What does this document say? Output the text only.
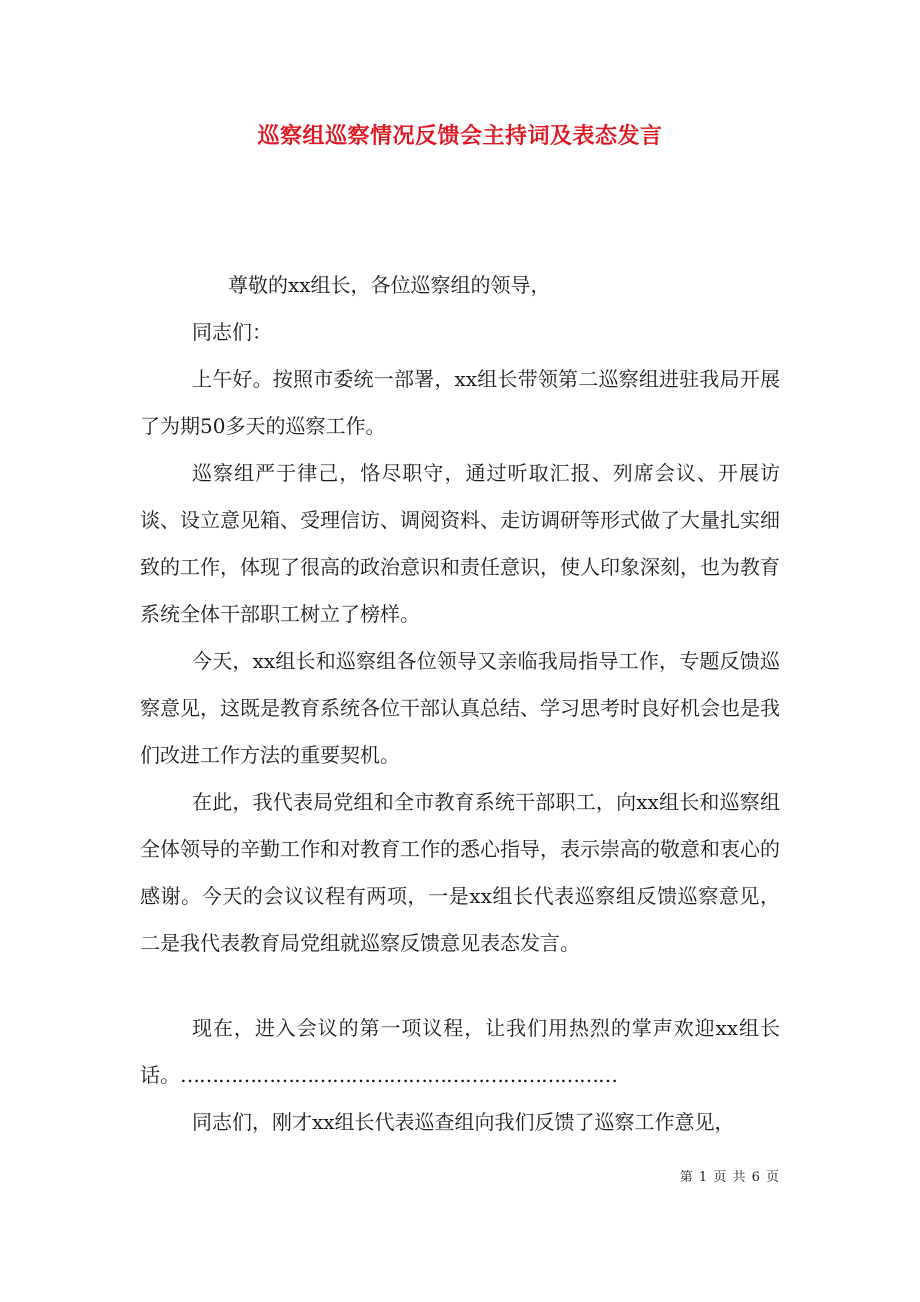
巡察组巡察情况反馈会主持词及表态发言

尊敬的xx组长，各位巡察组的领导，

同志们：

上午好。按照市委统一部署，xx组长带领第二巡察组进驻我局开展了为期50多天的巡察工作。

巡察组严于律己，恪尽职守，通过听取汇报、列席会议、开展访谈、设立意见箱、受理信访、调阅资料、走访调研等形式做了大量扎实细致的工作，体现了很高的政治意识和责任意识，使人印象深刻，也为教育系统全体干部职工树立了榜样。

今天，xx组长和巡察组各位领导又亲临我局指导工作，专题反馈巡察意见，这既是教育系统各位干部认真总结、学习思考时良好机会也是我们改进工作方法的重要契机。

在此，我代表局党组和全市教育系统干部职工，向xx组长和巡察组全体领导的辛勤工作和对教育工作的悉心指导，表示崇高的敬意和衷心的感谢。今天的会议议程有两项，一是xx组长代表巡察组反馈巡察意见，二是我代表教育局党组就巡察反馈意见表态发言。

现在，进入会议的第一项议程，让我们用热烈的掌声欢迎xx组长话。……………………………………………………………

同志们，刚才xx组长代表巡查组向我们反馈了巡察工作意见，

第 1 页 共 6 页
